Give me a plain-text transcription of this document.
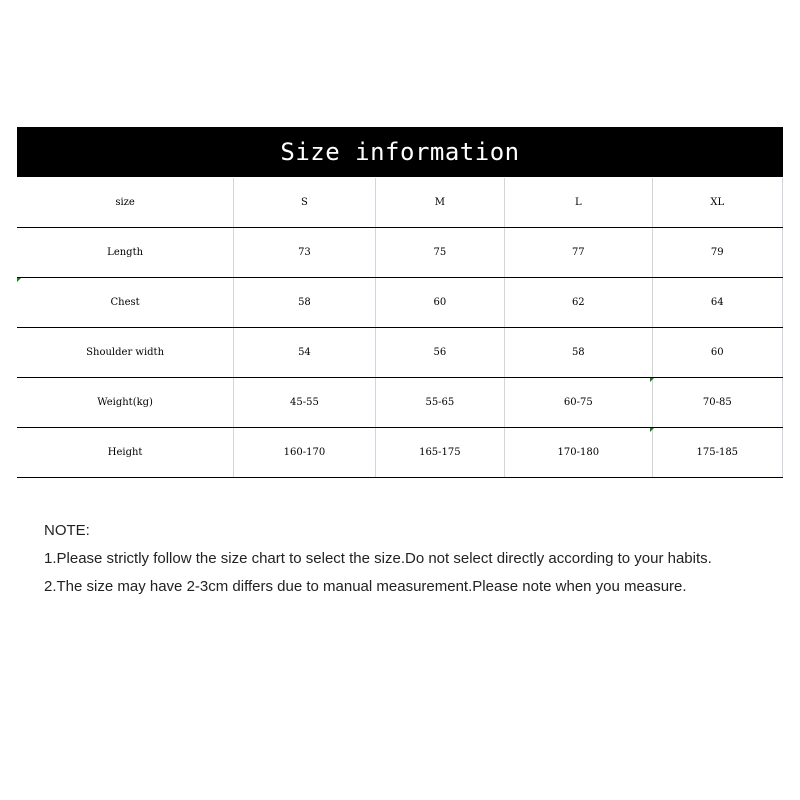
Size information
size	S	M	L	XL
Length	73	75	77	79
Chest	58	60	62	64
Shoulder width	54	56	58	60
Weight(kg)	45-55	55-65	60-75	70-85
Height	160-170	165-175	170-180	175-185
NOTE:
1.Please strictly follow the size chart to select the size.Do not select directly according to your habits.
2.The size may have 2-3cm differs due to manual measurement.Please note when you measure.
